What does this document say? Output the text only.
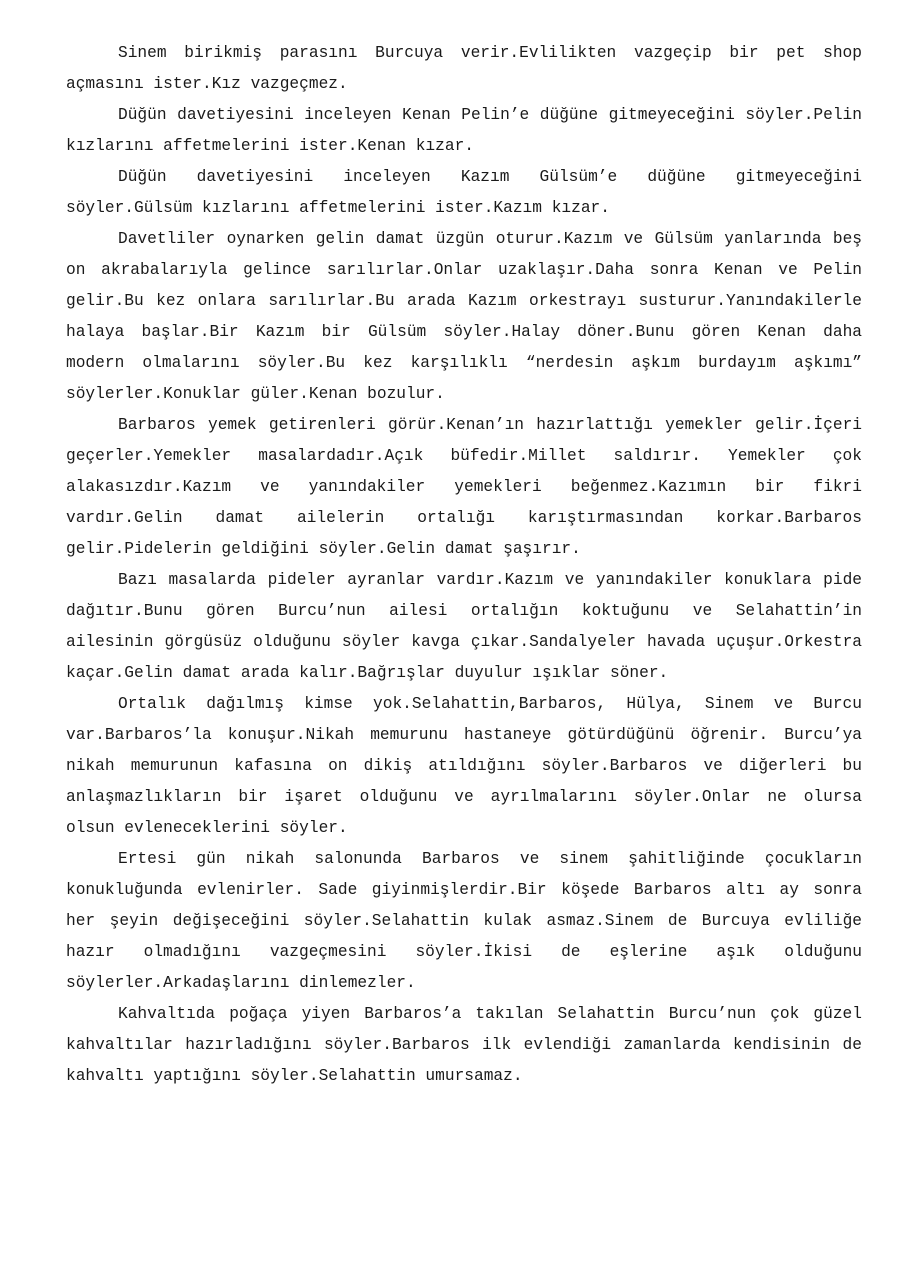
Sinem birikmiş parasını Burcuya verir.Evlilikten vazgeçip bir pet shop açmasını ister.Kız vazgeçmez.

Düğün davetiyesini inceleyen Kenan Pelin’e düğüne gitmeyeceğini söyler.Pelin kızlarını affetmelerini ister.Kenan kızar.

Düğün davetiyesini inceleyen Kazım Gülsüm’e düğüne gitmeyeceğini söyler.Gülsüm kızlarını affetmelerini ister.Kazım kızar.

Davetliler oynarken gelin damat üzgün oturur.Kazım ve Gülsüm yanlarında beş on akrabalarıyla gelince sarılırlar.Onlar uzaklaşır.Daha sonra Kenan ve Pelin gelir.Bu kez onlara sarılırlar.Bu arada Kazım orkestrayı susturur.Yanındakilerle halaya başlar.Bir Kazım bir Gülsüm söyler.Halay döner.Bunu gören Kenan daha modern olmalarını söyler.Bu kez karşılıklı “nerdesin aşkım burdayım aşkımı” söylerler.Konuklar güler.Kenan bozulur.

Barbaros yemek getirenleri görür.Kenan’ın hazırlattığı yemekler gelir.İçeri geçerler.Yemekler masalardadır.Açık büfedir.Millet saldırır. Yemekler çok alakasızdır.Kazım ve yanındakiler yemekleri beğenmez.Kazımın bir fikri vardır.Gelin damat ailelerin ortalığı karıştırmasından korkar.Barbaros gelir.Pidelerin geldiğini söyler.Gelin damat şaşırır.

Bazı masalarda pideler ayranlar vardır.Kazım ve yanındakiler konuklara pide dağıtır.Bunu gören Burcu’nun ailesi ortalığın koktuğunu ve Selahattin’in ailesinin görgüsüz olduğunu söyler kavga çıkar.Sandalyeler havada uçuşur.Orkestra kaçar.Gelin damat arada kalır.Bağrışlar duyulur ışıklar söner.

Ortalık dağılmış kimse yok.Selahattin,Barbaros, Hülya, Sinem ve Burcu var.Barbaros’la konuşur.Nikah memurunu hastaneye götürdüğünü öğrenir. Burcu’ya nikah memurunun kafasına on dikiş atıldığını söyler.Barbaros ve diğerleri bu anlaşmazlıkların bir işaret olduğunu ve ayrılmalarını söyler.Onlar ne olursa olsun evleneceklerini söyler.

Ertesi gün nikah salonunda Barbaros ve sinem şahitliğinde çocukların konukluğunda evlenirler. Sade giyinmişlerdir.Bir köşede Barbaros altı ay sonra her şeyin değişeceğini söyler.Selahattin kulak asmaz.Sinem de Burcuya evliliğe hazır olmadığını vazgeçmesini söyler.İkisi de eşlerine aşık olduğunu söylerler.Arkadaşlarını dinlemezler.

Kahvaltıda poğaça yiyen Barbaros’a takılan Selahattin Burcu’nun çok güzel kahvaltılar hazırladığını söyler.Barbaros ilk evlendiği zamanlarda kendisinin de kahvaltı yaptığını söyler.Selahattin umursamaz.
